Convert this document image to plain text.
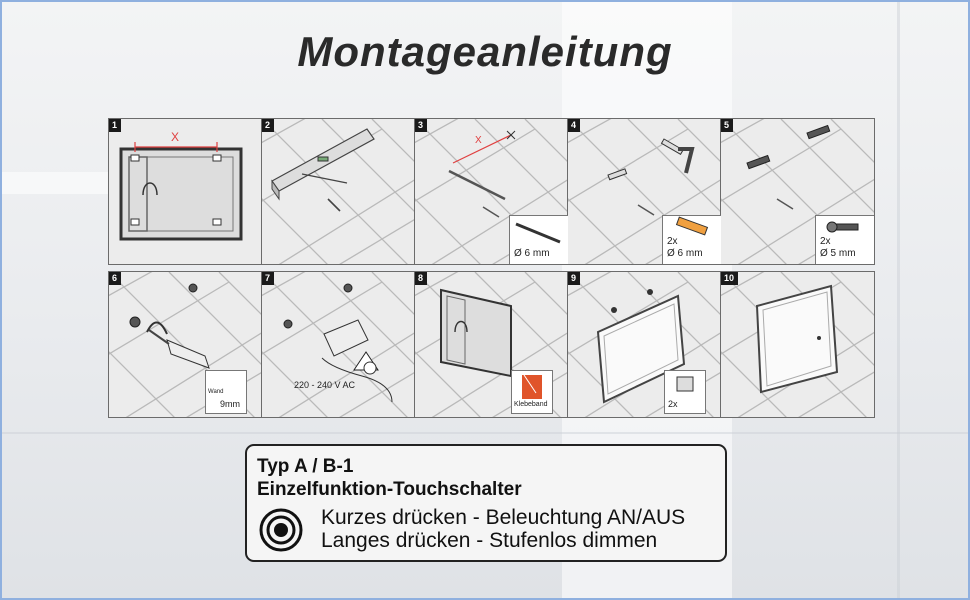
Montageanleitung
1
X
2
X
Ø 6 mm
3
2x
Ø 6 mm
4
2x
Ø 5 mm
5
Wand
9mm
6
220 - 240 V AC
7
Klebeband
8
2x
9	10
Typ A / B-1
Einzelfunktion-Touchschalter
Kurzes drücken - Beleuchtung AN/AUS
Langes drücken - Stufenlos dimmen
